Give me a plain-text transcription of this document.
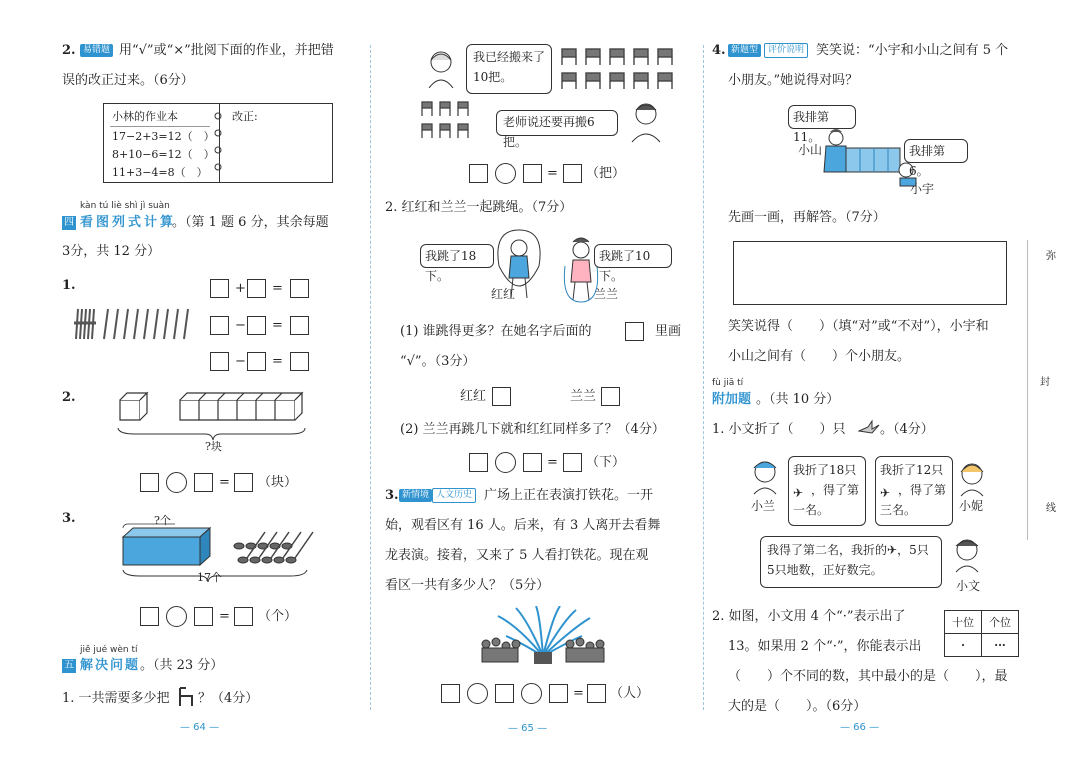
弥
封
线
2. 易错题 用“√”或“×”批阅下面的作业，并把错
误的改正过来。（6分）
小林的作业本
17−2+3=12（　）
8+10−6=12（　）
11+3−4=8（　）
改正:
kàn tú liè shì jì suàn
四 看图列式计算
。（第 1 题 6 分，其余每题
3分，共 12 分）
1.	+ =
− =
− =
2.
?块
= （块）
3.	?个
17个
= （个）
jiě jué wèn tí
五 解决问题 。（共 23 分）
1. 一共需要多少把 ？（4分）
— 64 —
我已经搬来了
10把。
老师说还要再搬6把。
= （把）
2. 红红和兰兰一起跳绳。（7分）
我跳了18下。
红红
我跳了10下。
兰兰
(1) 谁跳得更多？在她名字后面的	里画
“√”。（3分）
红红	兰兰
(2) 兰兰再跳几下就和红红同样多了？（4分）
= （下）
3. 新情境 人文历史 广场上正在表演打铁花。一开
始，观看区有 16 人。后来，有 3 人离开去看舞
龙表演。接着，又来了 5 人看打铁花。现在观
看区一共有多少人？（5分）
= （人）
— 65 —
4. 新题型	评价说明 笑笑说：“小宇和小山之间有 5 个
小朋友。”她说得对吗？
我排第11。
小山	我排第6。
小宇
先画一画，再解答。（7分）
笑笑说得（　　）（填“对”或“不对”），小宇和
小山之间有（　　）个小朋友。
fù jiā tí
附加题 。（共 10 分）
1. 小文折了（　　）只	。（4分）
小兰
我折了18只
✈ ，得了第
一名。
我折了12只
✈ ，得了第
三名。	小妮
我得了第二名，我折的✈，5只
5只地数，正好数完。
小文
2. 如图，小文用 4 个“·”表示出了
13。如果用 2 个“·”，你能表示出
（　　）个不同的数，其中最小的是（　　），最
大的是（　　）。（6分）
十位	个位
·	···
— 66 —
